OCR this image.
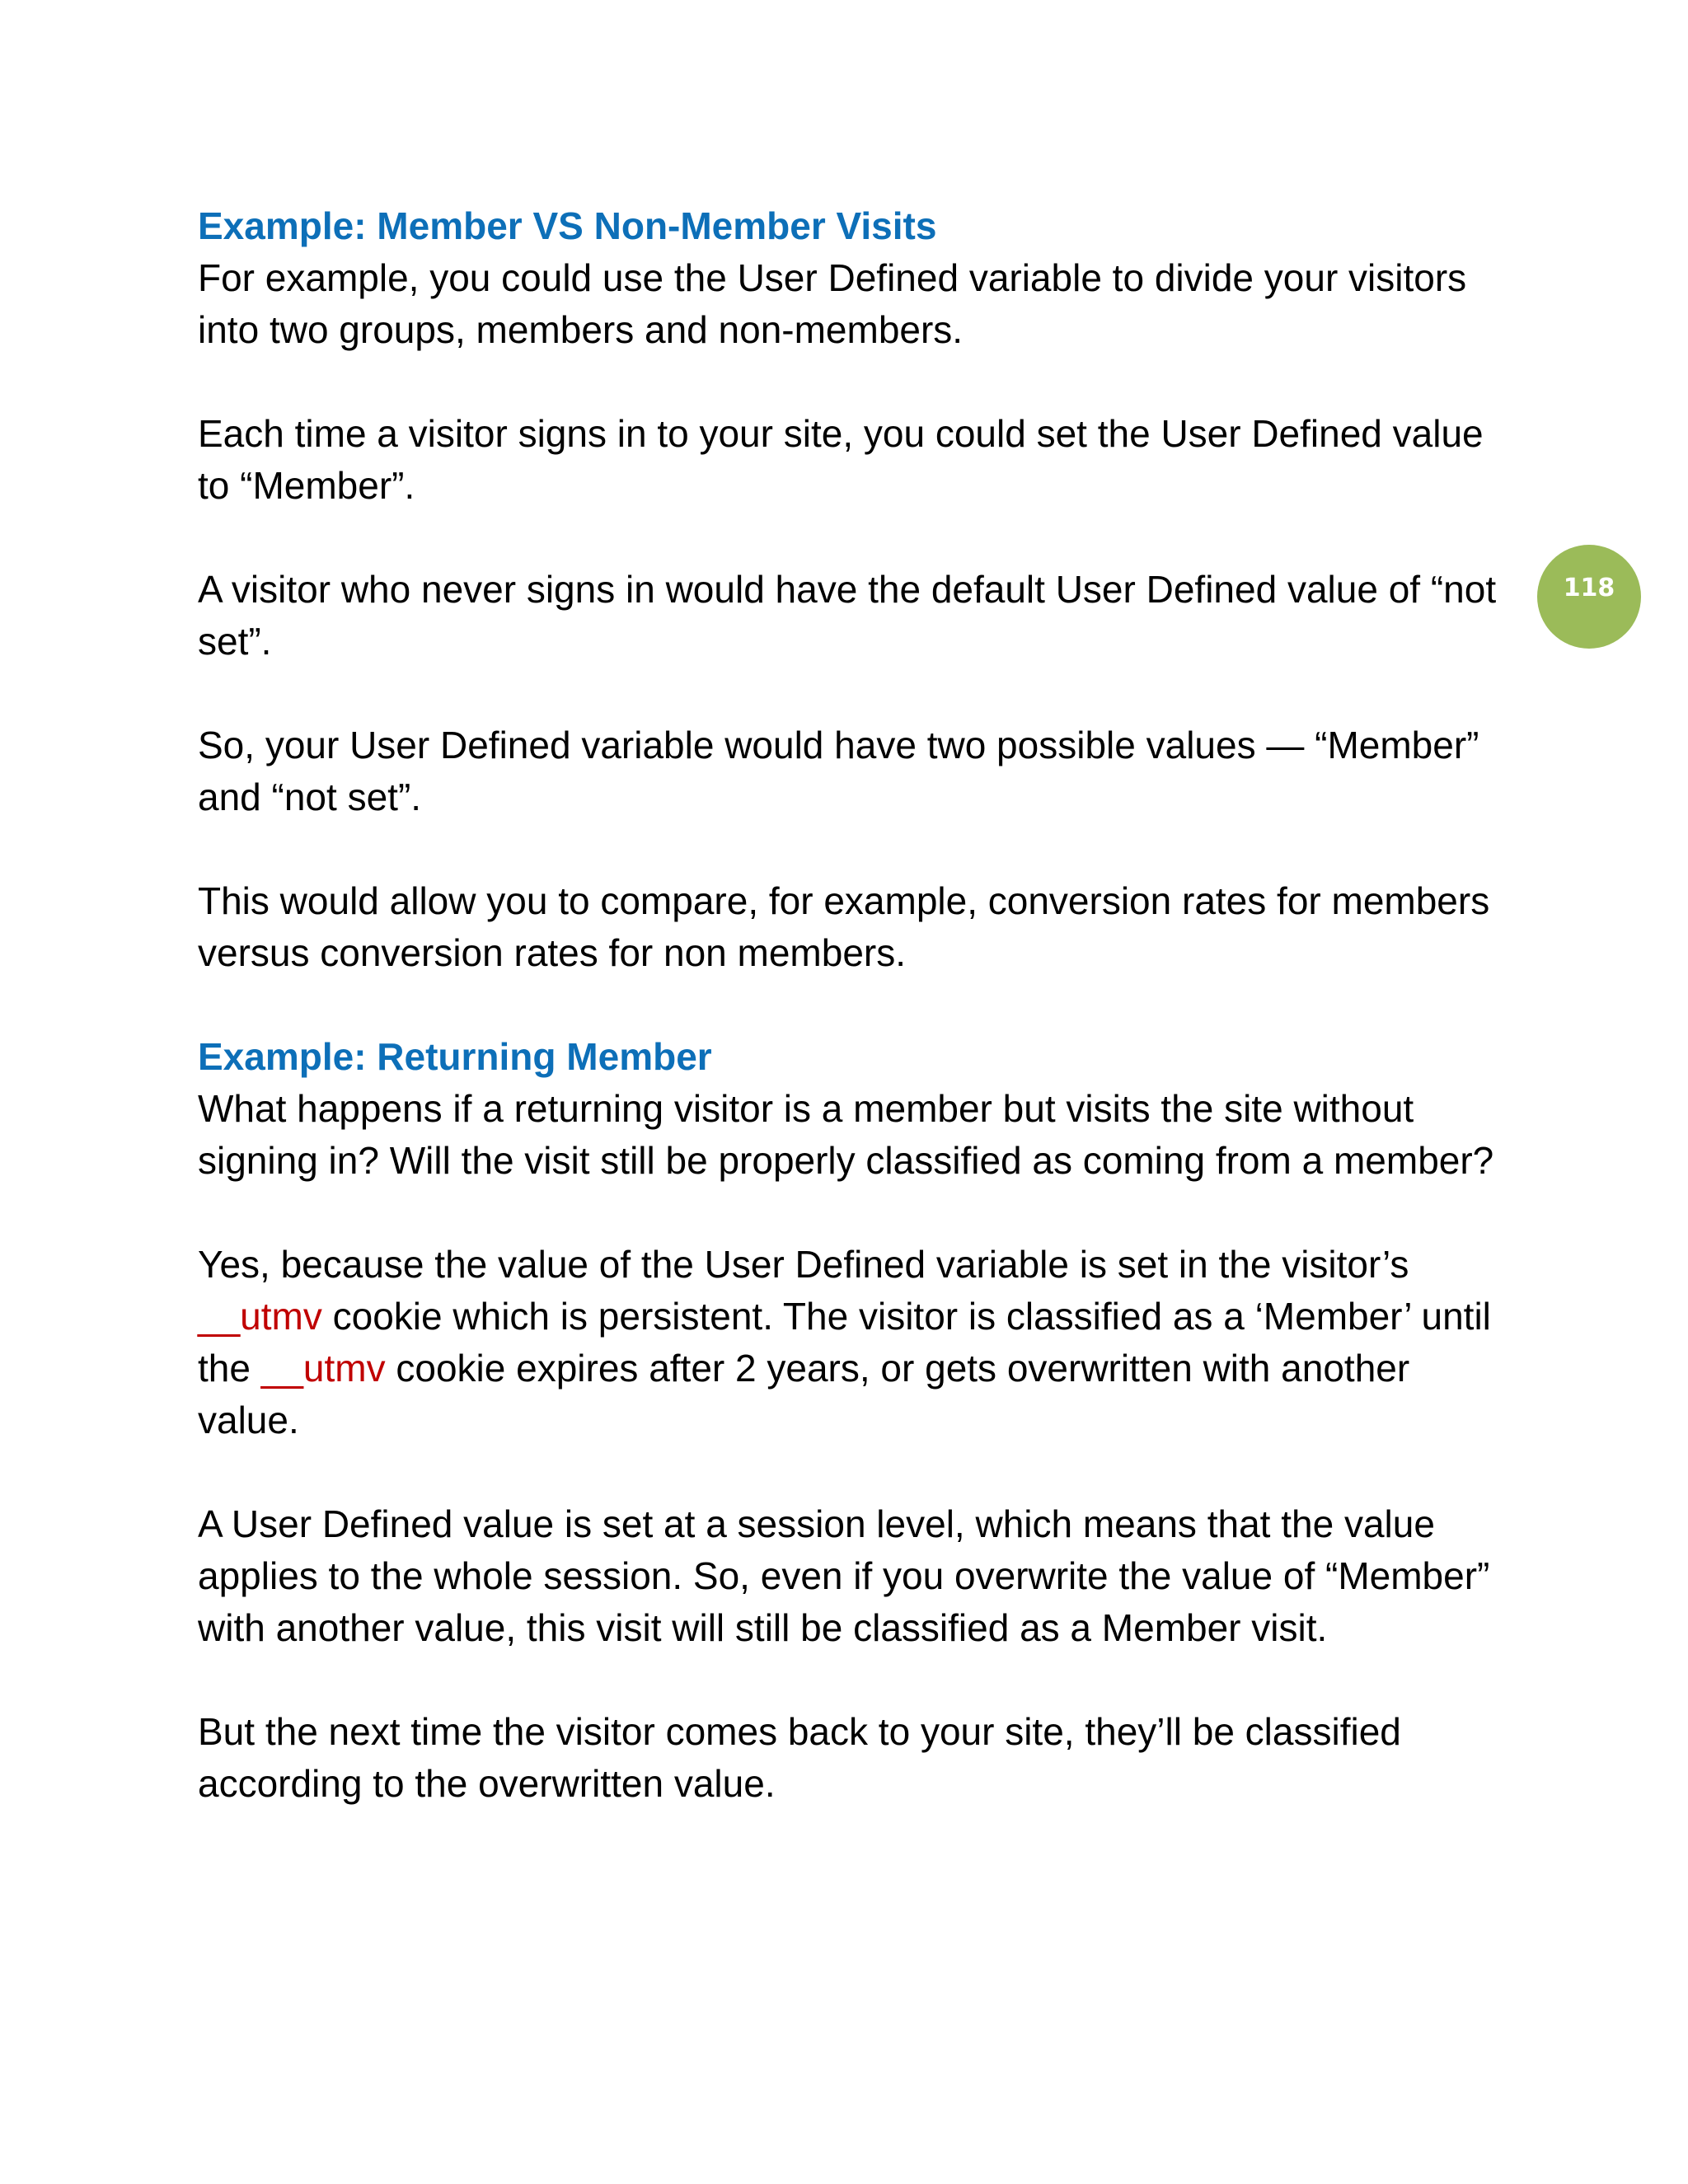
118
Example: Member VS Non-Member Visits

For example, you could use the User Defined variable to divide your visitors into two groups, members and non-members.

Each time a visitor signs in to your site, you could set the User Defined value to “Member”.

A visitor who never signs in would have the default User Defined value of “not set”.

So, your User Defined variable would have two possible values — “Member” and “not set”.

This would allow you to compare, for example, conversion rates for members versus conversion rates for non members.

Example: Returning Member

What happens if a returning visitor is a member but visits the site without signing in? Will the visit still be properly classified as coming from a member?

Yes, because the value of the User Defined variable is set in the visitor’s __utmv cookie which is persistent. The visitor is classified as a ‘Member’ until the __utmv cookie expires after 2 years, or gets overwritten with another value.

A User Defined value is set at a session level, which means that the value applies to the whole session. So, even if you overwrite the value of “Member” with another value, this visit will still be classified as a Member visit.

But the next time the visitor comes back to your site, they’ll be classified according to the overwritten value.
